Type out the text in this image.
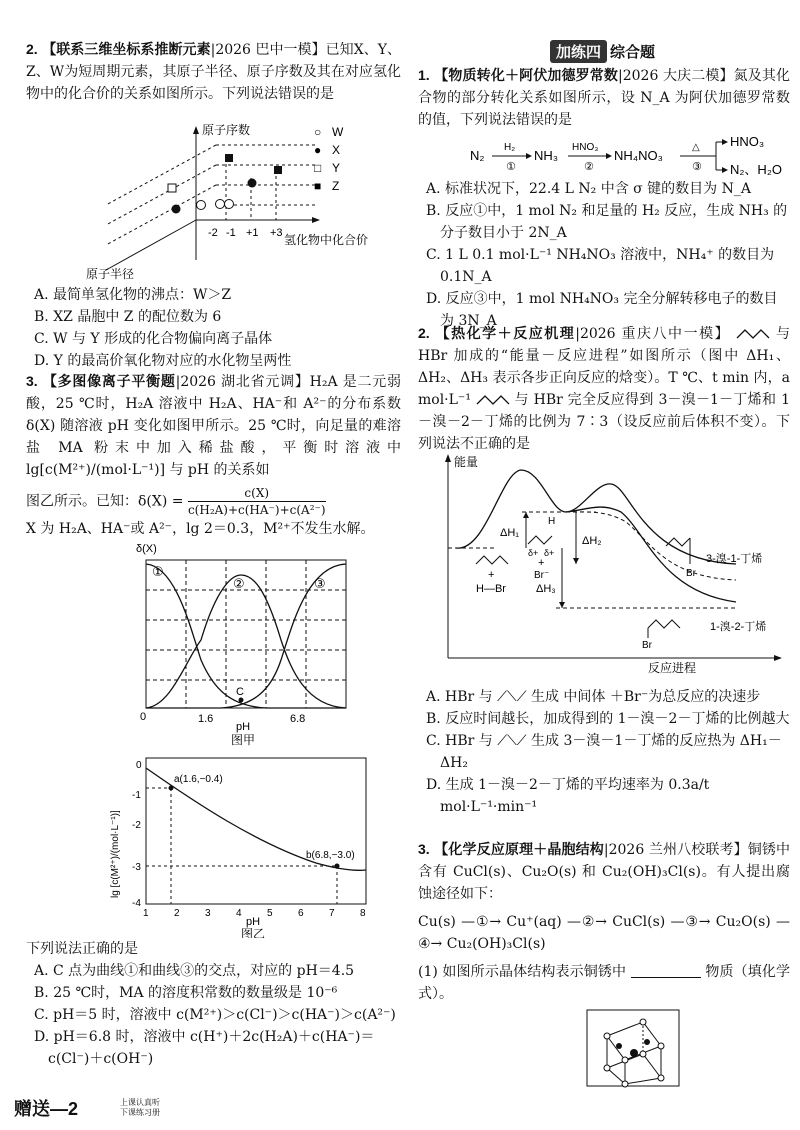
加练四 综合题

2. 【联系三维坐标系推断元素|2026 巴中一模】已知X、Y、Z、W为短周期元素，其原子半径、原子序数及其在对应氢化物中的化合价的关系如图所示。下列说法错误的是

原子序数
氢化物中化合价
原子半径
-2 -1 +1 +3
○ W
● X
□ Y
■ Z

A. 最简单氢化物的沸点：W＞Z

B. XZ 晶胞中 Z 的配位数为 6

C. W 与 Y 形成的化合物偏向离子晶体

D. Y 的最高价氧化物对应的水化物呈两性

3. 【多图像离子平衡题|2026 湖北省元调】H₂A 是二元弱酸，25 ℃时，H₂A 溶液中 H₂A、HA⁻和 A²⁻的分布系数 δ(X) 随溶液 pH 变化如图甲所示。25 ℃时，向足量的难溶盐 MA 粉末中加入稀盐酸，平衡时溶液中 lg[c(M²⁺)/(mol·L⁻¹)] 与 pH 的关系如

图乙所示。已知：$\delta(X) = \frac{c(X)}{\text{c(H₂A)+c(HA⁻)+c(A²⁻)}}$

X 为 H₂A、HA⁻或 A²⁻，lg 2＝0.3，M²⁺不发生水解。

δ(X)
①
②	③
C
0	1.6	6.8
pH
图甲
lg [c(M²⁺)/(mol·L⁻¹)]
a(1.6,−0.4)
b(6.8,−3.0)
0
-1
-2
-3
-4
1	2	3	4	5	6	7	8
pH
图乙

下列说法正确的是

A. C 点为曲线①和曲线③的交点，对应的 pH＝4.5

B. 25 ℃时，MA 的溶度积常数的数量级是 10⁻⁶

C. pH＝5 时，溶液中 c(M²⁺)＞c(Cl⁻)＞c(HA⁻)＞c(A²⁻)

D. pH＝6.8 时，溶液中 c(H⁺)＋2c(H₂A)＋c(HA⁻)＝c(Cl⁻)＋c(OH⁻)

1. 【物质转化＋阿伏加德罗常数|2026 大庆二模】氮及其化合物的部分转化关系如图所示，设 N_A 为阿伏加德罗常数的值，下列说法错误的是

N₂
H₂
①
NH₃
HNO₃
②
NH₄NO₃
△
③
HNO₃
N₂、H₂O

A. 标准状况下，22.4 L N₂ 中含 σ 键的数目为 N_A

B. 反应①中，1 mol N₂ 和足量的 H₂ 反应，生成 NH₃ 的分子数目小于 2N_A

C. 1 L 0.1 mol·L⁻¹ NH₄NO₃ 溶液中，NH₄⁺ 的数目为 0.1N_A

D. 反应③中，1 mol NH₄NO₃ 完全分解转移电子的数目为 3N_A

2. 【热化学＋反应机理|2026 重庆八中一模】	与 HBr 加成的“能量－反应进程”如图所示（图中 ΔH₁、ΔH₂、ΔH₃ 表示各步正向反应的焓变）。T ℃、t min 内，a mol·L⁻¹	与 HBr 完全反应得到 3－溴－1－丁烯和 1－溴－2－丁烯的比例为 7∶3（设反应前后体积不变）。下列说法不正确的是

能量
反应进程
ΔH₁
ΔH₂
ΔH₃
+
H—Br
H
δ+ δ+
+
Br⁻	Br
3-溴-1-丁烯
Br
1-溴-2-丁烯

A. HBr 与 ⟋⟍⟋ 生成 中间体 ＋Br⁻为总反应的决速步

B. 反应时间越长，加成得到的 1－溴－2－丁烯的比例越大

C. HBr 与 ⟋⟍⟋ 生成 3－溴－1－丁烯的反应热为 ΔH₁－ΔH₂

D. 生成 1－溴－2－丁烯的平均速率为 0.3a/t mol·L⁻¹·min⁻¹

3. 【化学反应原理＋晶胞结构|2026 兰州八校联考】铜锈中含有 CuCl(s)、Cu₂O(s) 和 Cu₂(OH)₃Cl(s)。有人提出腐蚀途径如下：

Cu(s) —①→ Cu⁺(aq) —②→ CuCl(s) —③→ Cu₂O(s) —④→ Cu₂(OH)₃Cl(s)

(1) 如图所示晶体结构表示铜锈中	物质（填化学式）。

赠送—2	上课认真听
下课练习册
